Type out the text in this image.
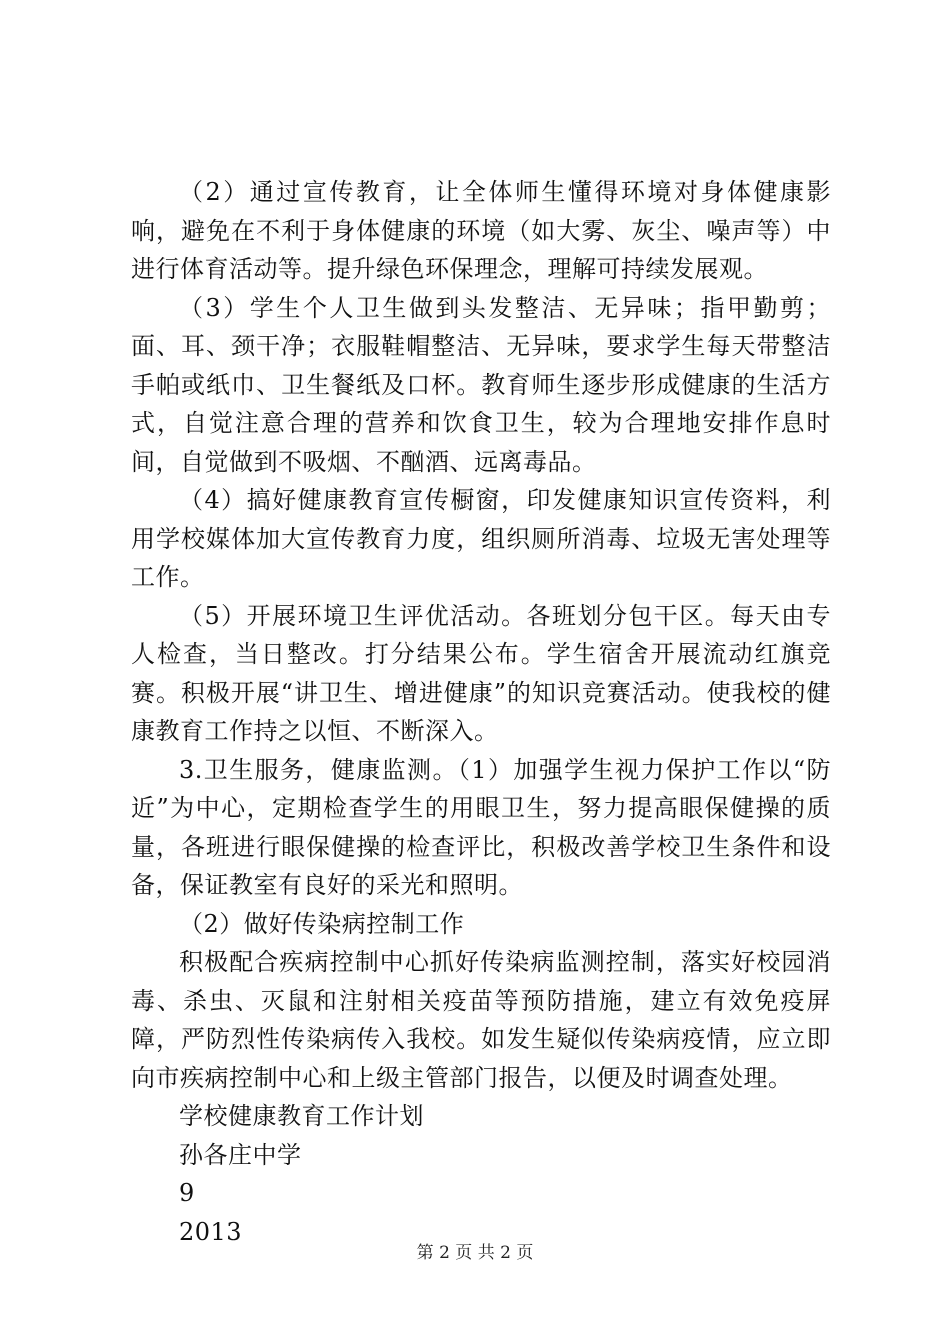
（2）通过宣传教育，让全体师生懂得环境对身体健康影响，避免在不利于身体健康的环境（如大雾、灰尘、噪声等）中进行体育活动等。提升绿色环保理念，理解可持续发展观。

（3）学生个人卫生做到头发整洁、无异味；指甲勤剪；面、耳、颈干净；衣服鞋帽整洁、无异味，要求学生每天带整洁手帕或纸巾、卫生餐纸及口杯。教育师生逐步形成健康的生活方式，自觉注意合理的营养和饮食卫生，较为合理地安排作息时间，自觉做到不吸烟、不酗酒、远离毒品。

（4）搞好健康教育宣传橱窗，印发健康知识宣传资料，利用学校媒体加大宣传教育力度，组织厕所消毒、垃圾无害处理等工作。

（5）开展环境卫生评优活动。各班划分包干区。每天由专人检查，当日整改。打分结果公布。学生宿舍开展流动红旗竞赛。积极开展“讲卫生、增进健康”的知识竞赛活动。使我校的健康教育工作持之以恒、不断深入。

3.卫生服务，健康监测。（1）加强学生视力保护工作以“防近”为中心，定期检查学生的用眼卫生，努力提高眼保健操的质量，各班进行眼保健操的检查评比，积极改善学校卫生条件和设备，保证教室有良好的采光和照明。

（2）做好传染病控制工作

积极配合疾病控制中心抓好传染病监测控制，落实好校园消毒、杀虫、灭鼠和注射相关疫苗等预防措施，建立有效免疫屏障，严防烈性传染病传入我校。如发生疑似传染病疫情，应立即向市疾病控制中心和上级主管部门报告，以便及时调查处理。

学校健康教育工作计划

孙各庄中学

9

2013

第 2 页 共 2 页
